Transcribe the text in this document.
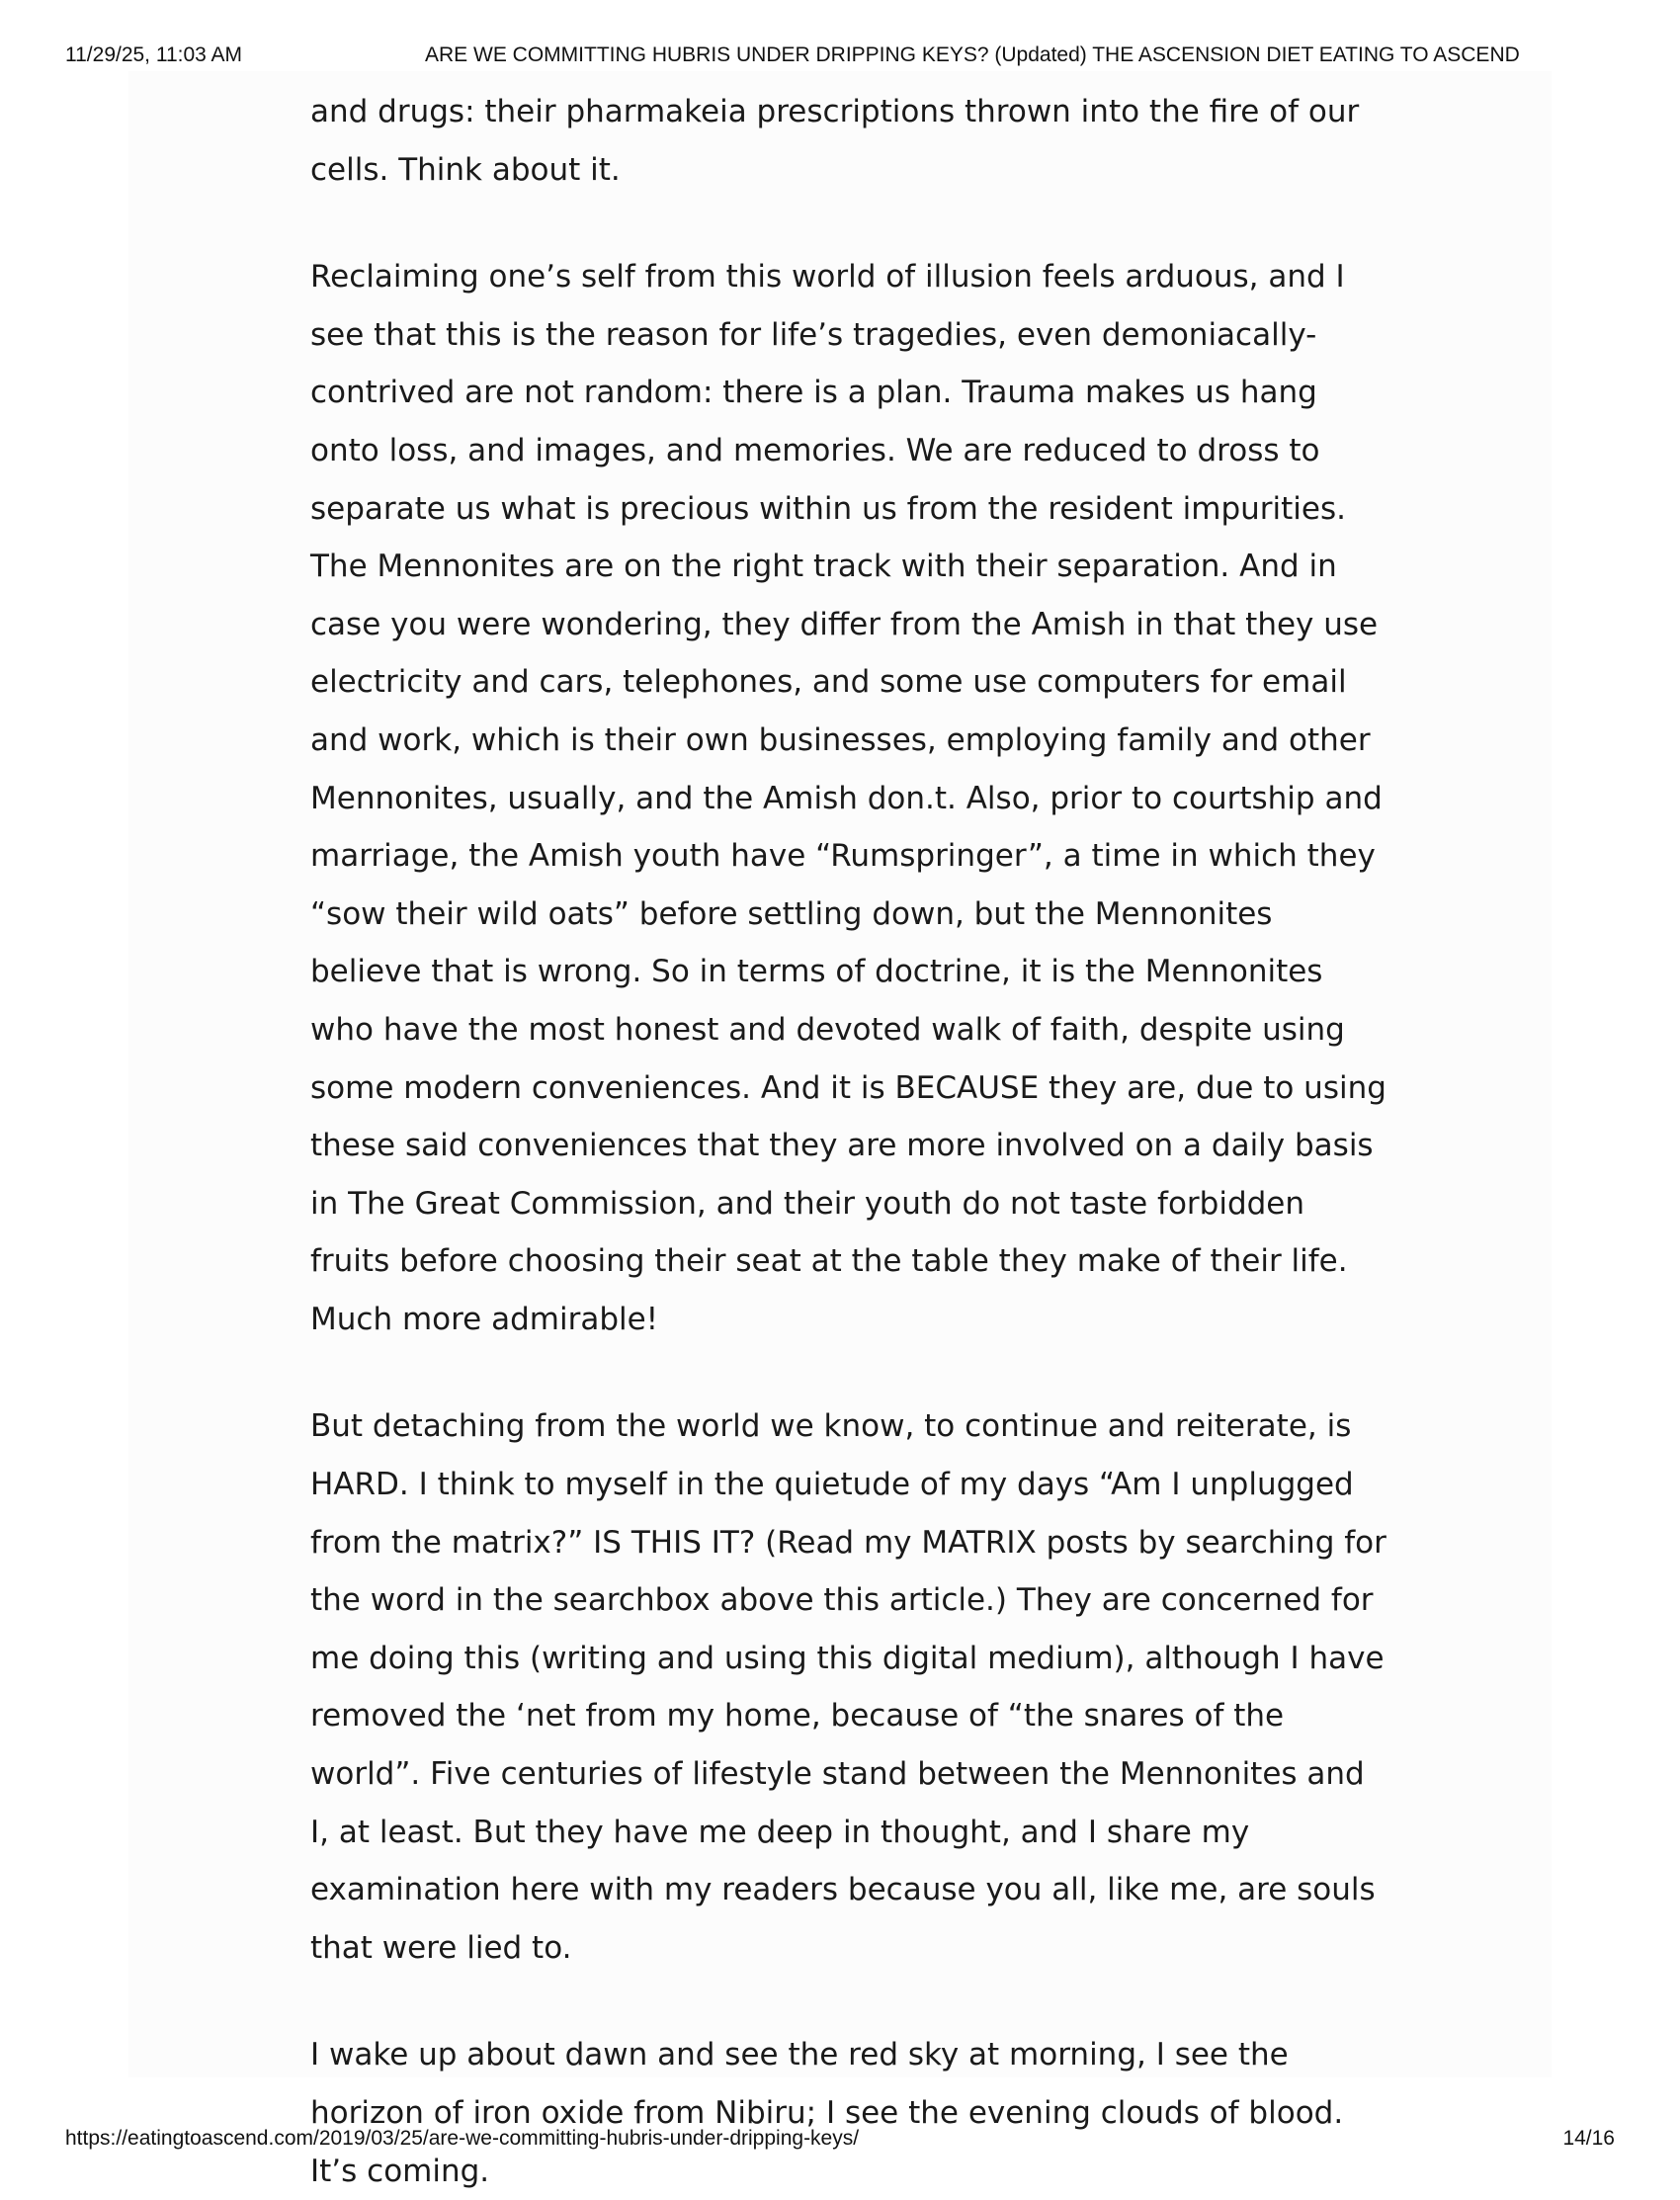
11/29/25, 11:03 AM	ARE WE COMMITTING HUBRIS UNDER DRIPPING KEYS? (Updated) THE ASCENSION DIET EATING TO ASCEND

and drugs: their pharmakeia prescriptions thrown into the fire of our cells. Think about it.

Reclaiming one’s self from this world of illusion feels arduous, and I see that this is the reason for life’s tragedies, even demoniacally-contrived are not random: there is a plan. Trauma makes us hang onto loss, and images, and memories. We are reduced to dross to separate us what is precious within us from the resident impurities.

The Mennonites are on the right track with their separation. And in case you were wondering, they differ from the Amish in that they use electricity and cars, telephones, and some use computers for email and work, which is their own businesses, employing family and other Mennonites, usually, and the Amish don.t. Also, prior to courtship and marriage, the Amish youth have “Rumspringer”, a time in which they “sow their wild oats” before settling down, but the Mennonites believe that is wrong. So in terms of doctrine, it is the Mennonites who have the most honest and devoted walk of faith, despite using some modern conveniences. And it is BECAUSE they are, due to using these said conveniences that they are more involved on a daily basis in The Great Commission, and their youth do not taste forbidden fruits before choosing their seat at the table they make of their life. Much more admirable!

But detaching from the world we know, to continue and reiterate, is HARD. I think to myself in the quietude of my days “Am I unplugged from the matrix?” IS THIS IT? (Read my MATRIX posts by searching for the word in the searchbox above this article.) They are concerned for me doing this (writing and using this digital medium), although I have removed the ‘net from my home, because of “the snares of the world”. Five centuries of lifestyle stand between the Mennonites and I, at least. But they have me deep in thought, and I share my examination here with my readers because you all, like me, are souls that were lied to.

I wake up about dawn and see the red sky at morning, I see the horizon of iron oxide from Nibiru; I see the evening clouds of blood. It’s coming.

https://eatingtoascend.com/2019/03/25/are-we-committing-hubris-under-dripping-keys/	14/16
